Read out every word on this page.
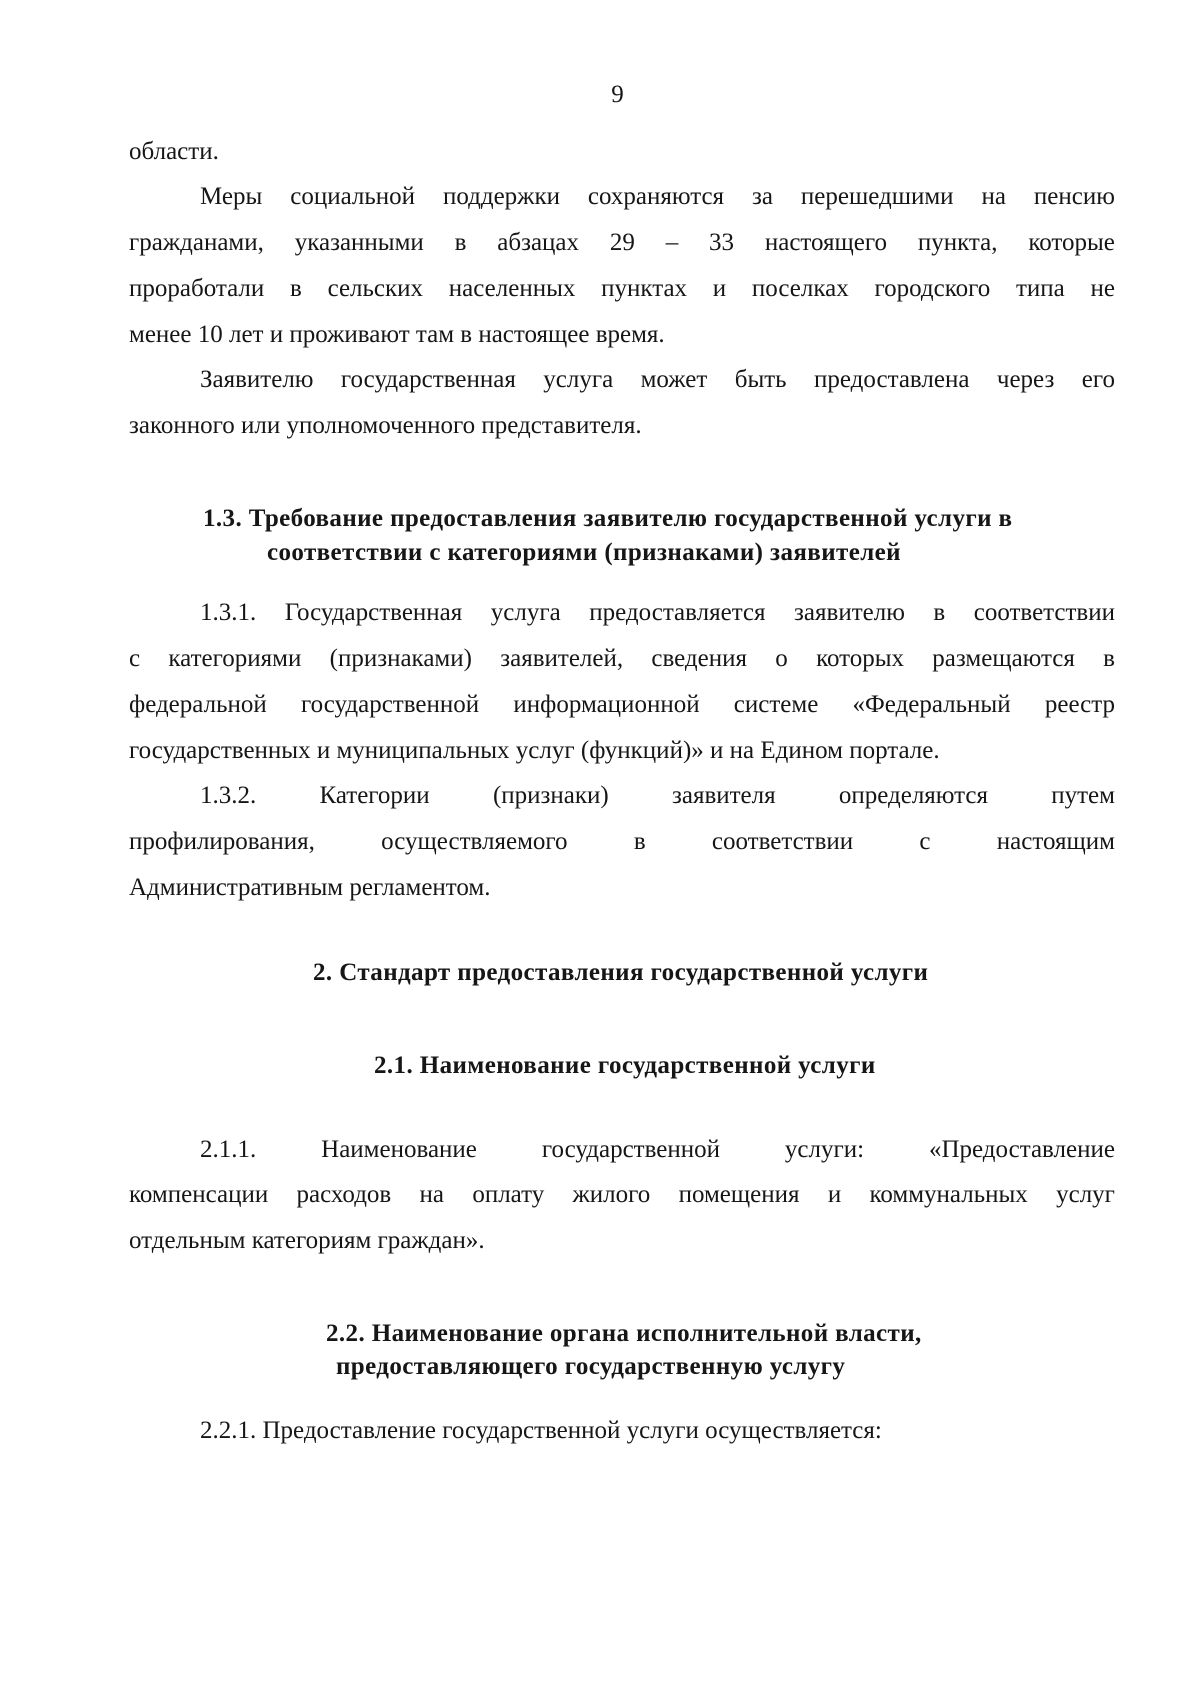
9
области.
Меры социальной поддержки сохраняются за перешедшими на пенсию
гражданами, указанными в абзацах 29 – 33 настоящего пункта, которые
проработали в сельских населенных пунктах и поселках городского типа не
менее 10 лет и проживают там в настоящее время.
Заявителю государственная услуга может быть предоставлена через его
законного или уполномоченного представителя.
1.3. Требование предоставления заявителю государственной услуги в
соответствии с категориями (признаками) заявителей
1.3.1. Государственная услуга предоставляется заявителю в соответствии
с категориями (признаками) заявителей, сведения о которых размещаются в
федеральной государственной информационной системе «Федеральный реестр
государственных и муниципальных услуг (функций)» и на Едином портале.
1.3.2.	Категории	(признаки)	заявителя	определяются	путем
профилирования,	осуществляемого	в	соответствии	с	настоящим
Административным регламентом.
2. Стандарт предоставления государственной услуги
2.1. Наименование государственной услуги
2.1.1.	Наименование	государственной	услуги:	«Предоставление
компенсации расходов на оплату жилого помещения и коммунальных услуг
отдельным категориям граждан».
2.2. Наименование органа исполнительной власти,
предоставляющего государственную услугу
2.2.1. Предоставление государственной услуги осуществляется:
